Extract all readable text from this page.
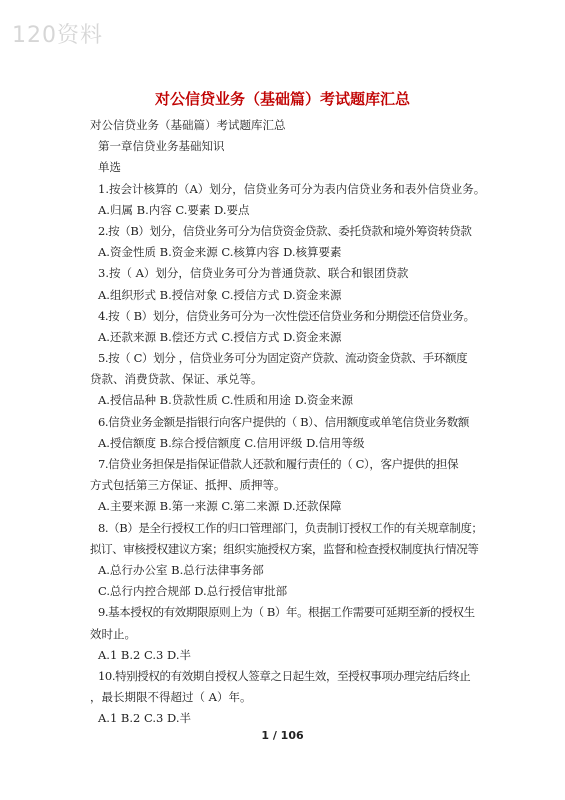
120资料
对公信贷业务（基础篇）考试题库汇总
对公信贷业务（基础篇）考试题库汇总
第一章信贷业务基础知识
单选
1.按会计核算的（A）划分，信贷业务可分为表内信贷业务和表外信贷业务。
A.归属 B.内容 C.要素 D.要点
2.按（B）划分，信贷业务可分为信贷资金贷款、委托贷款和境外筹资转贷款
A.资金性质 B.资金来源 C.核算内容 D.核算要素
3.按（ A）划分，信贷业务可分为普通贷款、联合和银团贷款
A.组织形式 B.授信对象 C.授信方式 D.资金来源
4.按（ B）划分，信贷业务可分为一次性偿还信贷业务和分期偿还信贷业务。
A.还款来源 B.偿还方式 C.授信方式 D.资金来源
5.按（ C）划分 ，信贷业务可分为固定资产贷款、流动资金贷款、手环额度
贷款、消费贷款、保证、承兑等。
A.授信品种 B.贷款性质 C.性质和用途 D.资金来源
6.信贷业务金额是指银行向客户提供的（ B）、信用额度或单笔信贷业务数额
A.授信额度 B.综合授信额度 C.信用评级 D.信用等级
7.信贷业务担保是指保证借款人还款和履行责任的（ C），客户提供的担保
方式包括第三方保证、抵押、质押等。
A.主要来源 B.第一来源 C.第二来源 D.还款保障
8.（B）是全行授权工作的归口管理部门，负责制订授权工作的有关规章制度；
拟订、审核授权建议方案；组织实施授权方案，监督和检查授权制度执行情况等
A.总行办公室 B.总行法律事务部
C.总行内控合规部 D.总行授信审批部
9.基本授权的有效期限原则上为（ B）年。根据工作需要可延期至新的授权生
效时止。
A.1 B.2 C.3 D.半
10.特别授权的有效期自授权人签章之日起生效，至授权事项办理完结后终止
，最长期限不得超过（ A）年。
A.1 B.2 C.3 D.半
1 / 106
